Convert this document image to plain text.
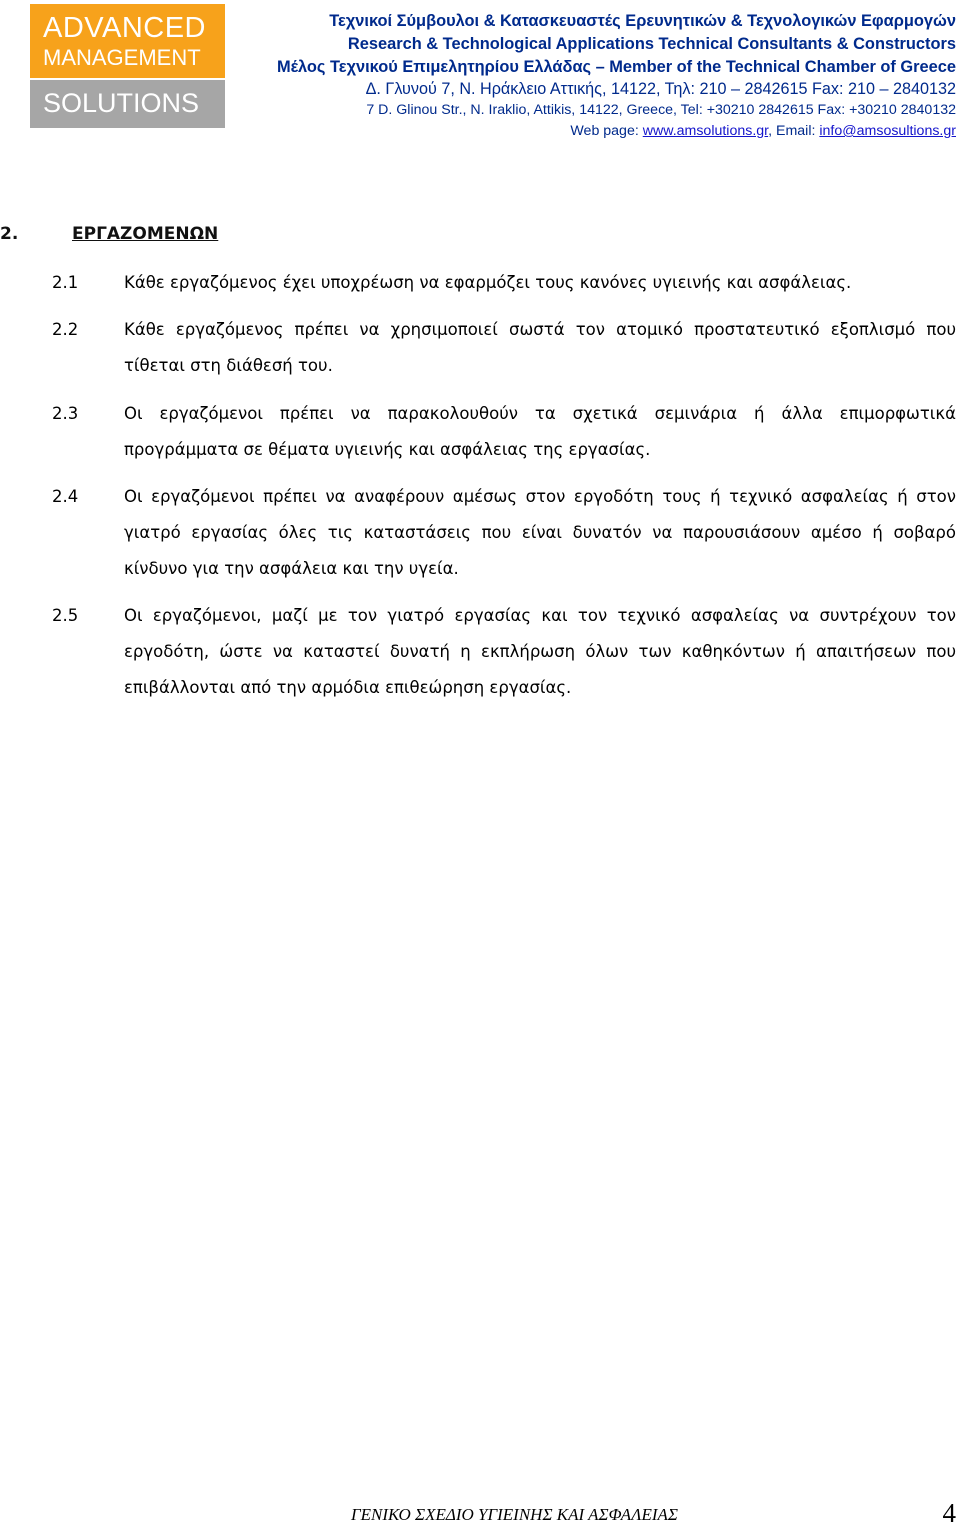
ADVANCED
MANAGEMENT
SOLUTIONS
Τεχνικοί Σύμβουλοι & Κατασκευαστές Ερευνητικών & Τεχνολογικών Εφαρμογών
Research & Technological Applications Technical Consultants & Constructors
Μέλος Τεχνικού Επιμελητηρίου Ελλάδας – Member of the Technical Chamber of Greece
Δ. Γλυνού 7, Ν. Ηράκλειο Αττικής, 14122, Τηλ: 210 – 2842615 Fax: 210 – 2840132
7 D. Glinou Str., N. Iraklio, Attikis, 14122, Greece, Tel: +30210 2842615 Fax: +30210 2840132
Web page: www.amsolutions.gr, Email: info@amsosultions.gr
2.	ΕΡΓΑΖΟΜΕΝΩΝ
2.1	Κάθε εργαζόμενος έχει υποχρέωση να εφαρμόζει τους κανόνες υγιεινής και ασφάλειας.
2.2	Κάθε εργαζόμενος πρέπει να χρησιμοποιεί σωστά τον ατομικό προστατευτικό εξοπλισμό που τίθεται στη διάθεσή του.
2.3	Οι εργαζόμενοι πρέπει να παρακολουθούν τα σχετικά σεμινάρια ή άλλα επιμορφωτικά προγράμματα σε θέματα υγιεινής και ασφάλειας της εργασίας.
2.4	Οι εργαζόμενοι πρέπει να αναφέρουν αμέσως στον εργοδότη τους ή τεχνικό ασφαλείας ή στον γιατρό εργασίας όλες τις καταστάσεις που είναι δυνατόν να παρουσιάσουν αμέσο ή σοβαρό κίνδυνο για την ασφάλεια και την υγεία.
2.5	Οι εργαζόμενοι, μαζί με τον γιατρό εργασίας και τον τεχνικό ασφαλείας να συντρέχουν τον εργοδότη, ώστε να καταστεί δυνατή η εκπλήρωση όλων των καθηκόντων ή απαιτήσεων που επιβάλλονται από την αρμόδια επιθεώρηση εργασίας.
ΓΕΝΙΚΟ ΣΧΕΔΙΟ ΥΓΙΕΙΝΗΣ ΚΑΙ ΑΣΦΑΛΕΙΑΣ	4
